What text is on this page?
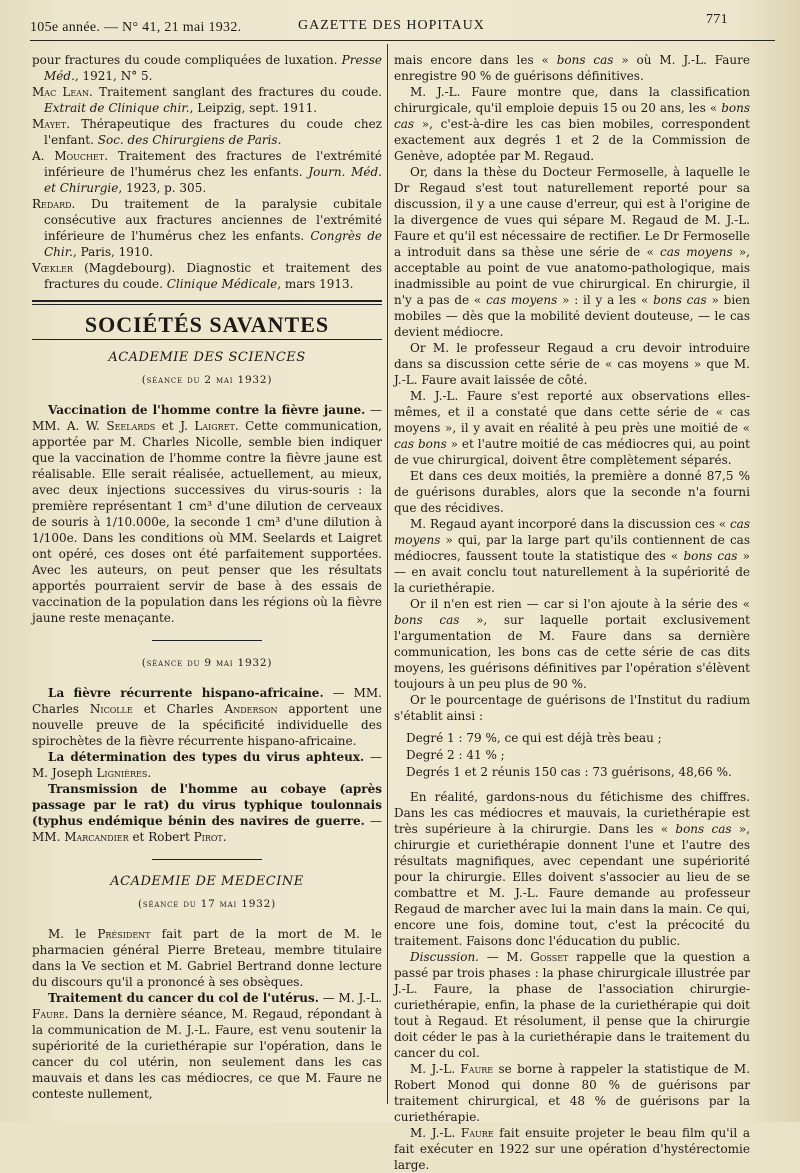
105e année. — N° 41, 21 mai 1932.	GAZETTE DES HOPITAUX	771

pour fractures du coude compliquées de luxation. Presse Méd., 1921, N° 5.

Mac Lean. Traitement sanglant des fractures du coude. Extrait de Clinique chir., Leipzig, sept. 1911.

Mayet. Thérapeutique des fractures du coude chez l'enfant. Soc. des Chirurgiens de Paris.

A. Mouchet. Traitement des fractures de l'extrémité inférieure de l'humérus chez les enfants. Journ. Méd. et Chirurgie, 1923, p. 305.

Redard. Du traitement de la paralysie cubitale consécutive aux fractures anciennes de l'extrémité inférieure de l'humérus chez les enfants. Congrès de Chir., Paris, 1910.

Vœkler (Magdebourg). Diagnostic et traitement des fractures du coude. Clinique Médicale, mars 1913.

SOCIÉTÉS SAVANTES
ACADEMIE DES SCIENCES
(séance du 2 mai 1932)

Vaccination de l'homme contre la fièvre jaune. — MM. A. W. Seelards et J. Laigret. Cette communication, apportée par M. Charles Nicolle, semble bien indiquer que la vaccination de l'homme contre la fièvre jaune est réalisable. Elle serait réalisée, actuellement, au mieux, avec deux injections successives du virus-souris : la première représentant 1 cm³ d'une dilution de cerveaux de souris à 1/10.000e, la seconde 1 cm³ d'une dilution à 1/100e. Dans les conditions où MM. Seelards et Laigret ont opéré, ces doses ont été parfaitement supportées. Avec les auteurs, on peut penser que les résultats apportés pourraient servir de base à des essais de vaccination de la population dans les régions où la fièvre jaune reste menaçante.

(séance du 9 mai 1932)

La fièvre récurrente hispano-africaine. — MM. Charles Nicolle et Charles Anderson apportent une nouvelle preuve de la spécificité individuelle des spirochètes de la fièvre récurrente hispano-africaine.

La détermination des types du virus aphteux. — M. Joseph Lignières.

Transmission de l'homme au cobaye (après passage par le rat) du virus typhique toulonnais (typhus endémique bénin des navires de guerre. — MM. Marcandier et Robert Pirot.

ACADEMIE DE MEDECINE
(séance du 17 mai 1932)

M. le Président fait part de la mort de M. le pharmacien général Pierre Breteau, membre titulaire dans la Ve section et M. Gabriel Bertrand donne lecture du discours qu'il a prononcé à ses obsèques.

Traitement du cancer du col de l'utérus. — M. J.-L. Faure. Dans la dernière séance, M. Regaud, répondant à la communication de M. J.-L. Faure, est venu soutenir la supériorité de la curiethérapie sur l'opération, dans le cancer du col utérin, non seulement dans les cas mauvais et dans les cas médiocres, ce que M. Faure ne conteste nullement,

mais encore dans les « bons cas » où M. J.-L. Faure enregistre 90 % de guérisons définitives.

M. J.-L. Faure montre que, dans la classification chirurgicale, qu'il emploie depuis 15 ou 20 ans, les « bons cas », c'est-à-dire les cas bien mobiles, correspondent exactement aux degrés 1 et 2 de la Commission de Genève, adoptée par M. Regaud.

Or, dans la thèse du Docteur Fermoselle, à laquelle le Dr Regaud s'est tout naturellement reporté pour sa discussion, il y a une cause d'erreur, qui est à l'origine de la divergence de vues qui sépare M. Regaud de M. J.-L. Faure et qu'il est nécessaire de rectifier. Le Dr Fermoselle a introduit dans sa thèse une série de « cas moyens », acceptable au point de vue anatomo-pathologique, mais inadmissible au point de vue chirurgical. En chirurgie, il n'y a pas de « cas moyens » : il y a les « bons cas » bien mobiles — dès que la mobilité devient douteuse, — le cas devient médiocre.

Or M. le professeur Regaud a cru devoir introduire dans sa discussion cette série de « cas moyens » que M. J.-L. Faure avait laissée de côté.

M. J.-L. Faure s'est reporté aux observations elles-mêmes, et il a constaté que dans cette série de « cas moyens », il y avait en réalité à peu près une moitié de « cas bons » et l'autre moitié de cas médiocres qui, au point de vue chirurgical, doivent être complètement séparés.

Et dans ces deux moitiés, la première a donné 87,5 % de guérisons durables, alors que la seconde n'a fourni que des récidives.

M. Regaud ayant incorporé dans la discussion ces « cas moyens » qui, par la large part qu'ils contiennent de cas médiocres, faussent toute la statistique des « bons cas » — en avait conclu tout naturellement à la supériorité de la curiethérapie.

Or il n'en est rien — car si l'on ajoute à la série des « bons cas », sur laquelle portait exclusivement l'argumentation de M. Faure dans sa dernière communication, les bons cas de cette série de cas dits moyens, les guérisons définitives par l'opération s'élèvent toujours à un peu plus de 90 %.

Or le pourcentage de guérisons de l'Institut du radium s'établit ainsi :

Degré 1 : 79 %, ce qui est déjà très beau ;
Degré 2 : 41 % ;
Degrés 1 et 2 réunis 150 cas : 73 guérisons, 48,66 %.

En réalité, gardons-nous du fétichisme des chiffres. Dans les cas médiocres et mauvais, la curiethérapie est très supérieure à la chirurgie. Dans les « bons cas », chirurgie et curiethérapie donnent l'une et l'autre des résultats magnifiques, avec cependant une supériorité pour la chirurgie. Elles doivent s'associer au lieu de se combattre et M. J.-L. Faure demande au professeur Regaud de marcher avec lui la main dans la main. Ce qui, encore une fois, domine tout, c'est la précocité du traitement. Faisons donc l'éducation du public.

Discussion. — M. Gosset rappelle que la question a passé par trois phases : la phase chirurgicale illustrée par J.-L. Faure, la phase de l'association chirurgie-curiethérapie, enfin, la phase de la curiethérapie qui doit tout à Regaud. Et résolument, il pense que la chirurgie doit céder le pas à la curiethérapie dans le traitement du cancer du col.

M. J.-L. Faure se borne à rappeler la statistique de M. Robert Monod qui donne 80 % de guérisons par traitement chirurgical, et 48 % de guérisons par la curiethérapie.

M. J.-L. Faure fait ensuite projeter le beau film qu'il a fait exécuter en 1922 sur une opération d'hystérectomie large.
